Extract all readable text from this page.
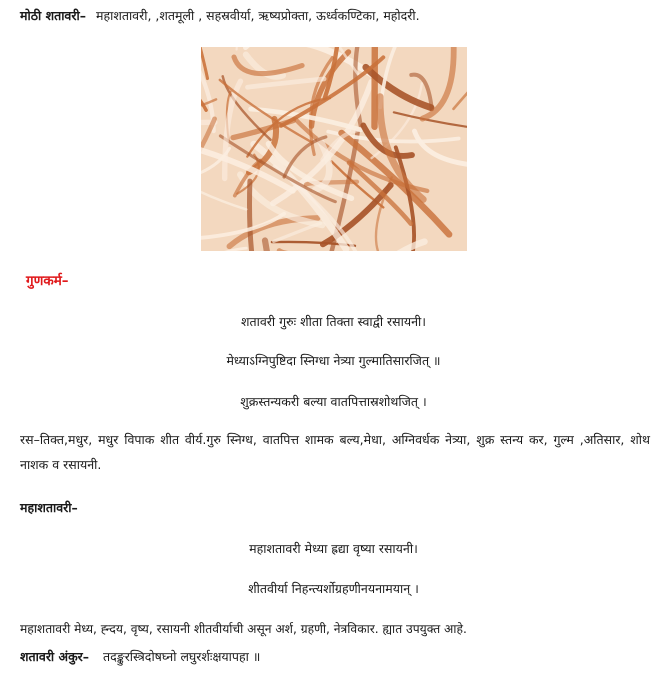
मोठी शतावरी– महाशतावरी, ,शतमूली , सहस्रवीर्या, ऋष्यप्रोक्ता, ऊर्ध्वकण्टिका, महोदरी.
गुणकर्म–
शतावरी गुरुः शीता तिक्ता स्वाद्वी रसायनी।
मेध्याऽग्निपुष्टिदा स्निग्धा नेत्र्या गुल्मातिसारजित्‌ ॥
शुक्रस्तन्यकरी बल्या वातपित्तास्रशोथजित्‌ ।
रस–तिक्त,मधुर, मधुर विपाक शीत वीर्य.गुरु स्निग्ध, वातपित्त शामक बल्य,मेधा, अग्निवर्धक नेत्र्या, शुक्र स्तन्य कर, गुल्म ,अतिसार, शोथ नाशक व रसायनी.
महाशतावरी–
महाशतावरी मेध्या ह्रद्या वृष्या रसायनी।
शीतवीर्या निहन्त्यर्शोग्रहणीनयनामयान्‌ ।
महाशतावरी मेध्य, ह्न्दय, वृष्य, रसायनी शीतवीर्याची असून अर्श, ग्रहणी, नेत्रविकार. ह्यात उपयुक्त आहे.
शतावरी अंकुर– तदङ्कुरस्त्रिदोषघ्नो लघुरर्शःक्षयापहा ॥
